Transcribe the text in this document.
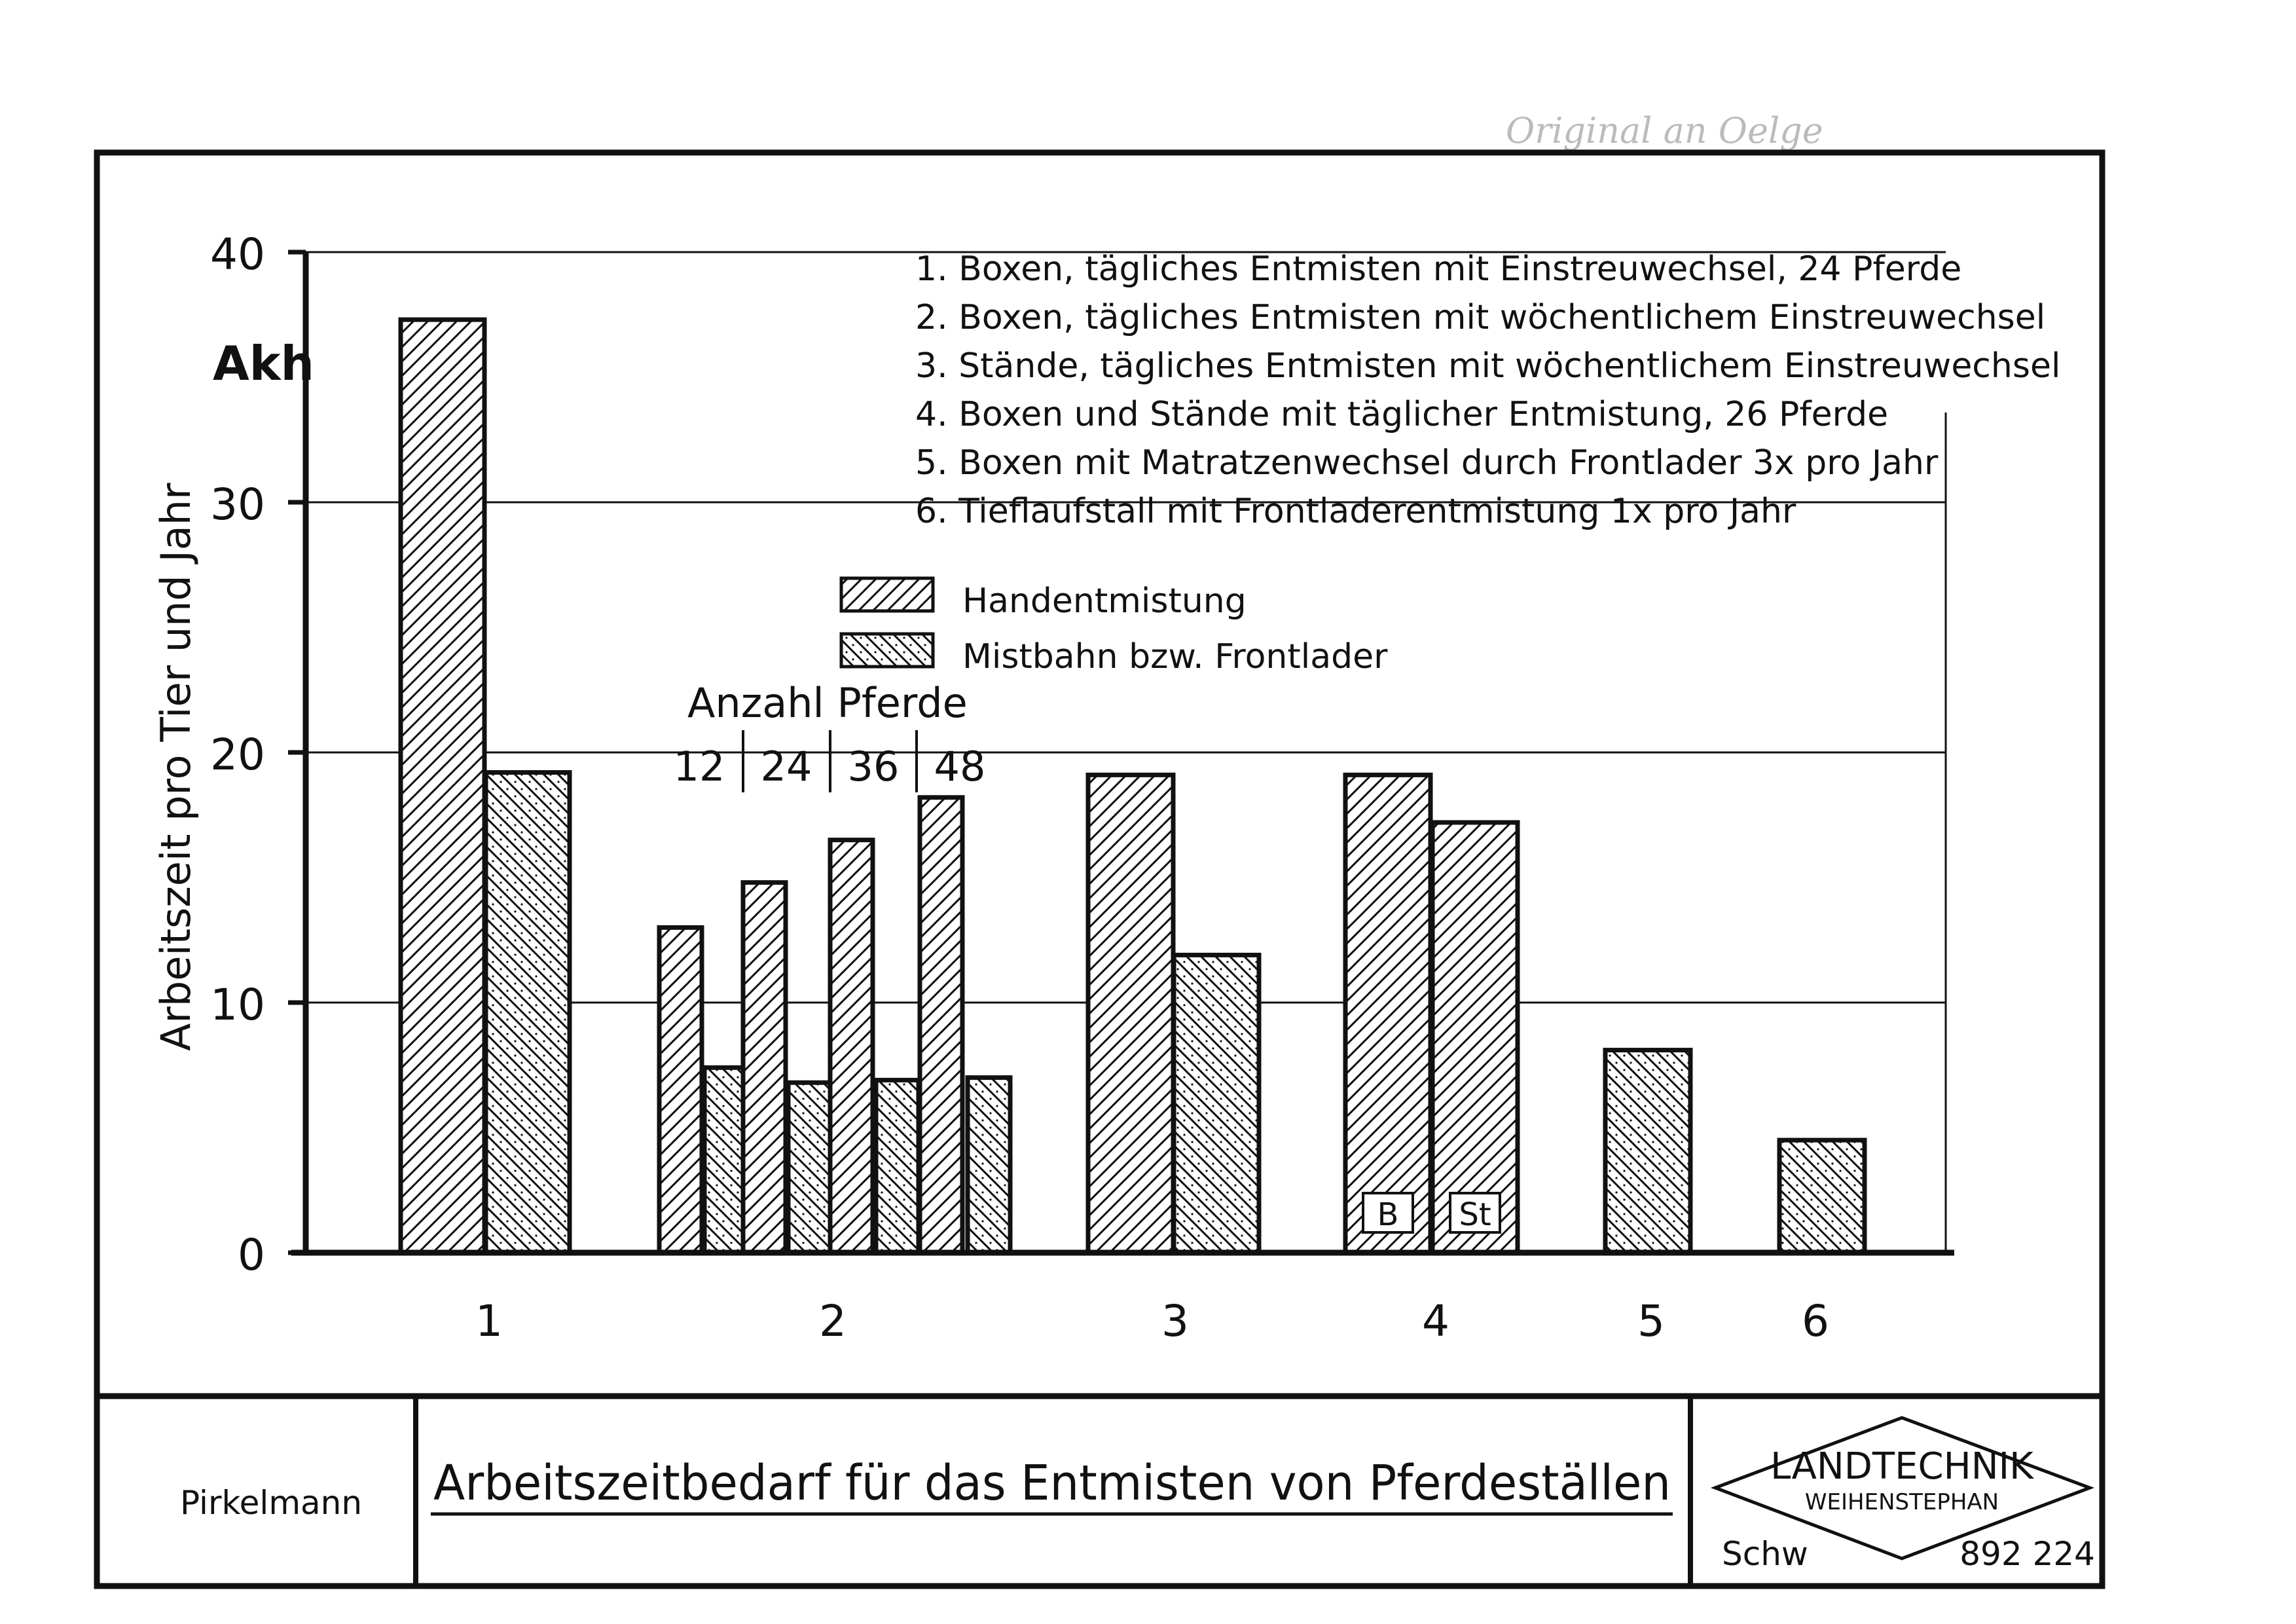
Original an Oelge
B St
0
10
20
30
40
Akh
Arbeitszeit pro Tier und Jahr
1	2	3	4	5	6
1. Boxen, tägliches Entmisten mit Einstreuwechsel, 24 Pferde
2. Boxen, tägliches Entmisten mit wöchentlichem Einstreuwechsel
3. Stände, tägliches Entmisten mit wöchentlichem Einstreuwechsel
4. Boxen und Stände mit täglicher Entmistung, 26 Pferde
5. Boxen mit Matratzenwechsel durch Frontlader 3x pro Jahr
6. Tieflaufstall mit Frontladerentmistung 1x pro Jahr
Handentmistung
Mistbahn bzw. Frontlader
Anzahl Pferde
12 24 36 48
Pirkelmann Arbeitszeitbedarf für das Entmisten von Pferdeställen	LANDTECHNIK
WEIHENSTEPHAN
Schw	892 224
